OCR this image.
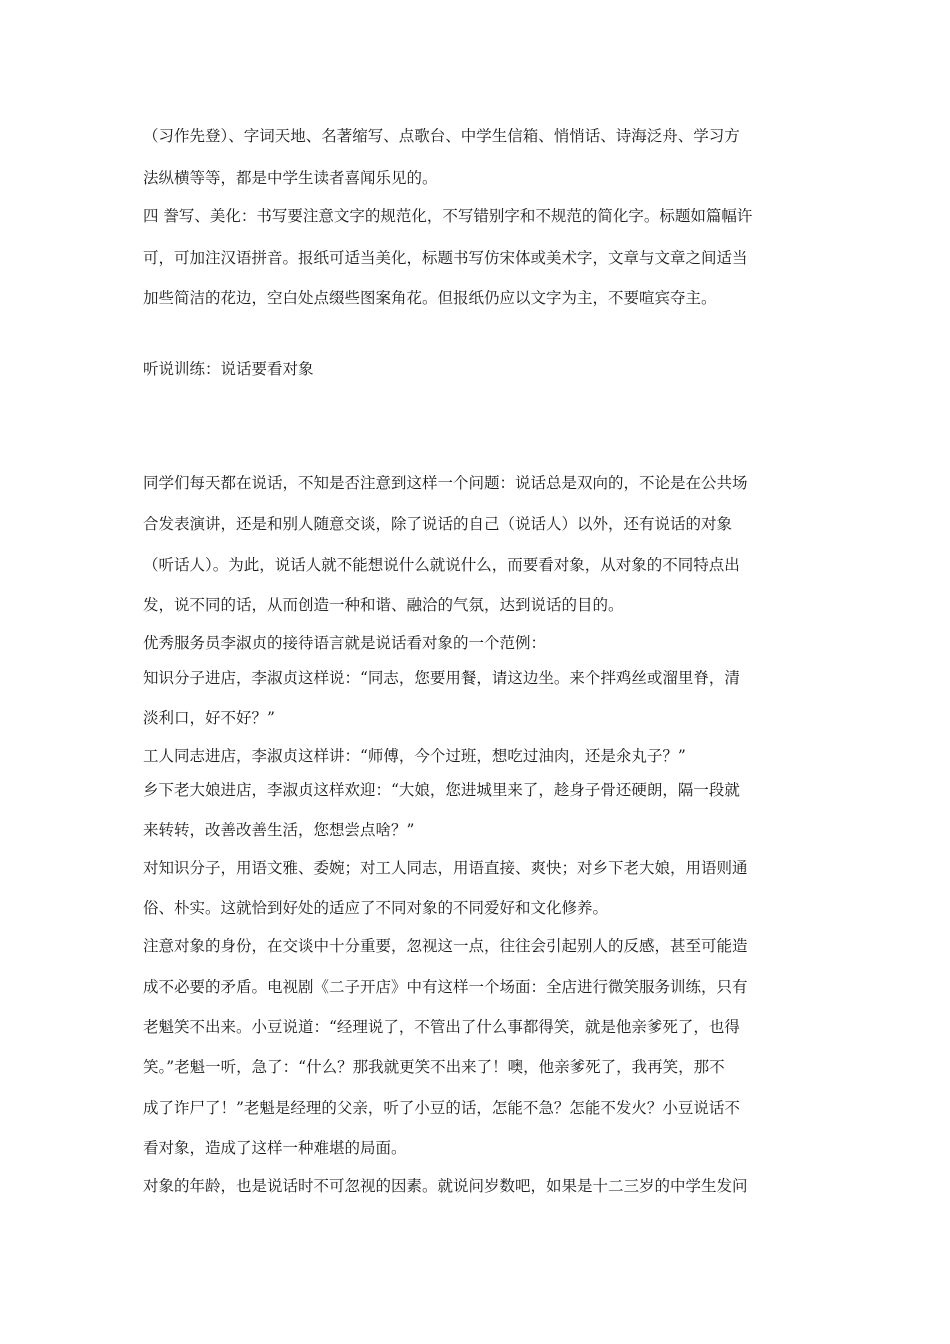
（习作先登）、字词天地、名著缩写、点歌台、中学生信箱、悄悄话、诗海泛舟、学习方
法纵横等等，都是中学生读者喜闻乐见的。
四 誊写、美化：书写要注意文字的规范化，不写错别字和不规范的简化字。标题如篇幅许
可，可加注汉语拼音。报纸可适当美化，标题书写仿宋体或美术字，文章与文章之间适当
加些简洁的花边，空白处点缀些图案角花。但报纸仍应以文字为主，不要喧宾夺主。
听说训练：说话要看对象
同学们每天都在说话，不知是否注意到这样一个问题：说话总是双向的，不论是在公共场
合发表演讲，还是和别人随意交谈，除了说话的自己（说话人）以外，还有说话的对象
（听话人）。为此，说话人就不能想说什么就说什么，而要看对象，从对象的不同特点出
发，说不同的话，从而创造一种和谐、融洽的气氛，达到说话的目的。
优秀服务员李淑贞的接待语言就是说话看对象的一个范例：
知识分子进店，李淑贞这样说：“同志，您要用餐，请这边坐。来个拌鸡丝或溜里脊，清
淡利口，好不好？”
工人同志进店，李淑贞这样讲：“师傅，今个过班，想吃过油肉，还是氽丸子？”
乡下老大娘进店，李淑贞这样欢迎：“大娘，您进城里来了，趁身子骨还硬朗，隔一段就
来转转，改善改善生活，您想尝点啥？”
对知识分子，用语文雅、委婉；对工人同志，用语直接、爽快；对乡下老大娘，用语则通
俗、朴实。这就恰到好处的适应了不同对象的不同爱好和文化修养。
注意对象的身份，在交谈中十分重要，忽视这一点，往往会引起别人的反感，甚至可能造
成不必要的矛盾。电视剧《二子开店》中有这样一个场面：全店进行微笑服务训练，只有
老魁笑不出来。小豆说道：“经理说了，不管出了什么事都得笑，就是他亲爹死了，也得
笑。”老魁一听，急了：“什么？那我就更笑不出来了！噢，他亲爹死了，我再笑，那不
成了诈尸了！”老魁是经理的父亲，听了小豆的话，怎能不急？怎能不发火？小豆说话不
看对象，造成了这样一种难堪的局面。
对象的年龄，也是说话时不可忽视的因素。就说问岁数吧，如果是十二三岁的中学生发问
